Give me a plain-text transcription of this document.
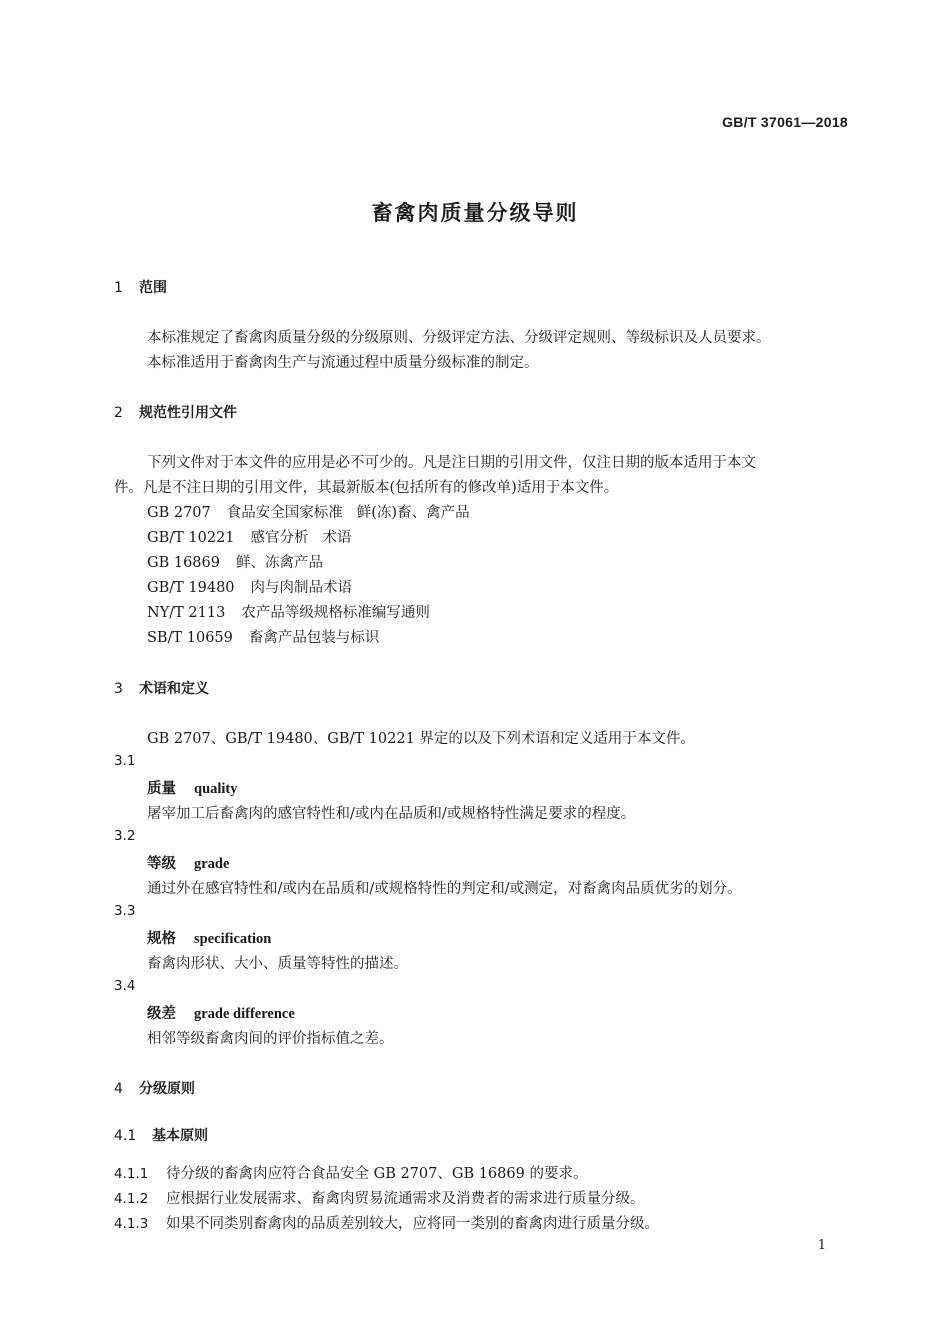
GB/T 37061—2018
畜禽肉质量分级导则
1 范围
本标准规定了畜禽肉质量分级的分级原则、分级评定方法、分级评定规则、等级标识及人员要求。
本标准适用于畜禽肉生产与流通过程中质量分级标准的制定。
2 规范性引用文件
下列文件对于本文件的应用是必不可少的。凡是注日期的引用文件，仅注日期的版本适用于本文
件。凡是不注日期的引用文件，其最新版本(包括所有的修改单)适用于本文件。
GB 2707 食品安全国家标准 鲜(冻)畜、禽产品
GB/T 10221 感官分析 术语
GB 16869 鲜、冻禽产品
GB/T 19480 肉与肉制品术语
NY/T 2113 农产品等级规格标准编写通则
SB/T 10659 畜禽产品包装与标识
3 术语和定义
GB 2707、GB/T 19480、GB/T 10221 界定的以及下列术语和定义适用于本文件。
3.1
质量 quality
屠宰加工后畜禽肉的感官特性和/或内在品质和/或规格特性满足要求的程度。
3.2
等级 grade
通过外在感官特性和/或内在品质和/或规格特性的判定和/或测定，对畜禽肉品质优劣的划分。
3.3
规格 specification
畜禽肉形状、大小、质量等特性的描述。
3.4
级差 grade difference
相邻等级畜禽肉间的评价指标值之差。
4 分级原则
4.1 基本原则
4.1.1 待分级的畜禽肉应符合食品安全 GB 2707、GB 16869 的要求。
4.1.2 应根据行业发展需求、畜禽肉贸易流通需求及消费者的需求进行质量分级。
4.1.3 如果不同类别畜禽肉的品质差别较大，应将同一类别的畜禽肉进行质量分级。
1
